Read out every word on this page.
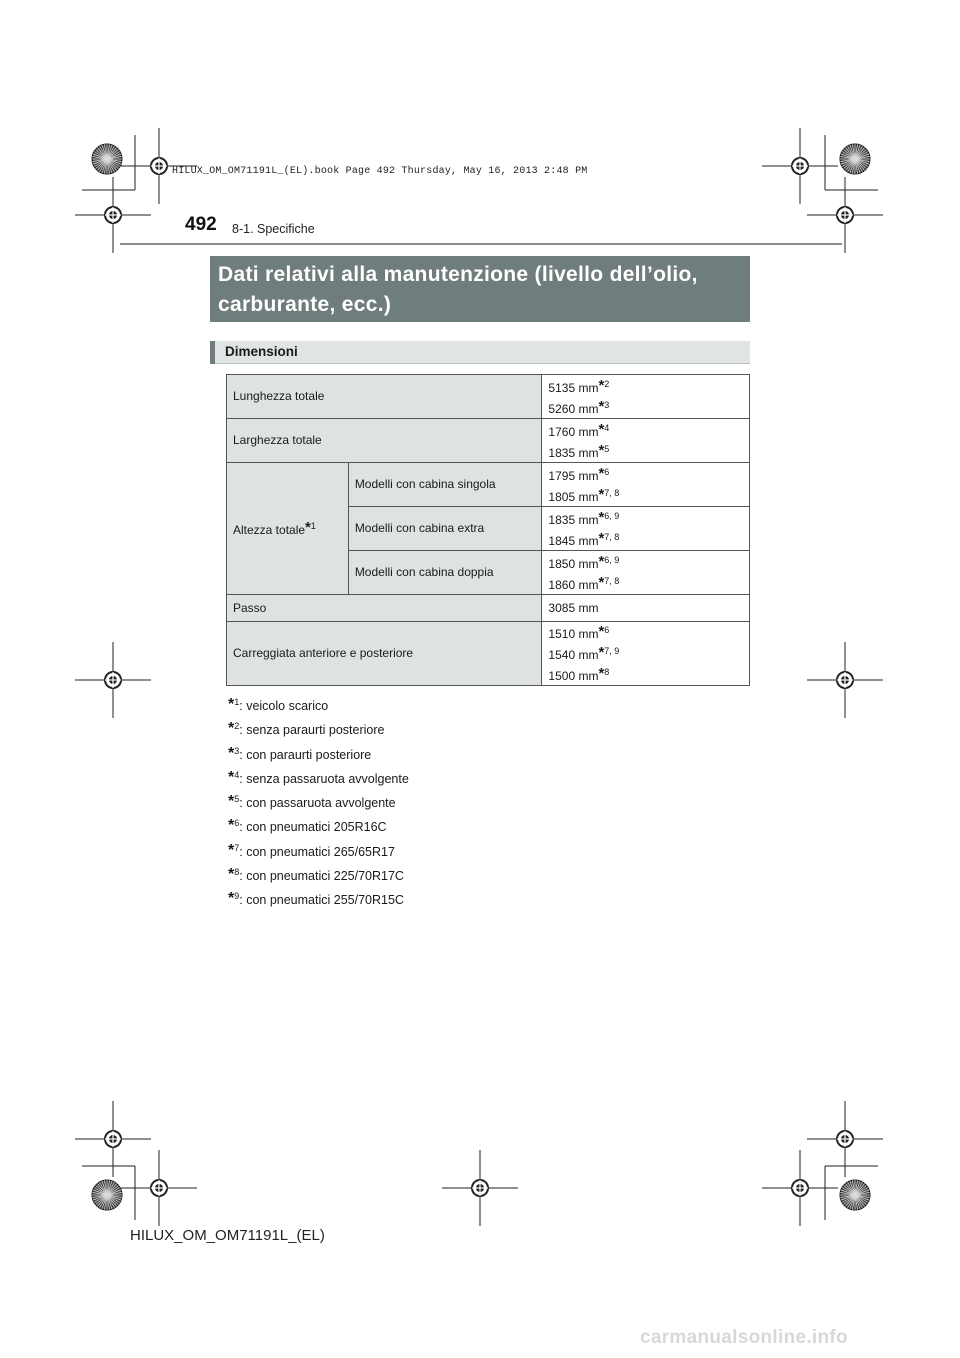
HILUX_OM_OM71191L_(EL).book Page 492 Thursday, May 16, 2013 2:48 PM
492 8-1. Specifiche
Dati relativi alla manutenzione (livello dell’olio,
carburante, ecc.)
Dimensioni
Lunghezza totale		5135 mm*$^2$
5260 mm*$^3$

Larghezza totale		1760 mm*$^4$
1835 mm*$^5$

Altezza totale*$^1$	Modelli con cabina singola	1795 mm*$^6$
1805 mm*$^{7, 8}$

	Modelli con cabina extra	1835 mm*$^{6, 9}$
1845 mm*$^{7, 8}$

	Modelli con cabina doppia	1850 mm*$^{6, 9}$
1860 mm*$^{7, 8}$

Passo		3085 mm

Carreggiata anteriore e posteriore		1510 mm*$^6$
1540 mm*$^{7, 9}$
1500 mm*$^8$
*$^1$: veicolo scarico
*$^2$: senza paraurti posteriore
*$^3$: con paraurti posteriore
*$^4$: senza passaruota avvolgente
*$^5$: con passaruota avvolgente
*$^6$: con pneumatici 205R16C
*$^7$: con pneumatici 265/65R17
*$^8$: con pneumatici 225/70R17C
*$^9$: con pneumatici 255/70R15C
HILUX_OM_OM71191L_(EL)
carmanualsonline.info
